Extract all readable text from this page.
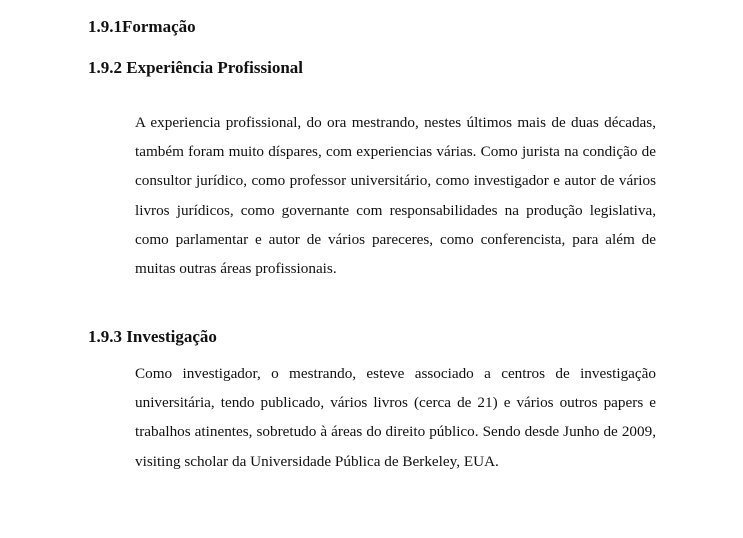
1.9.1Formação
1.9.2 Experiência Profissional

A experiencia profissional, do ora mestrando, nestes últimos mais de duas décadas, também foram muito díspares, com experiencias várias. Como jurista na condição de consultor jurídico, como professor universitário, como investigador e autor de vários livros jurídicos, como governante com responsabilidades na produção legislativa, como parlamentar e autor de vários pareceres, como conferencista, para além de muitas outras áreas profissionais.

1.9.3 Investigação

Como investigador, o mestrando, esteve associado a centros de investigação universitária, tendo publicado, vários livros (cerca de 21) e vários outros papers e trabalhos atinentes, sobretudo à áreas do direito público. Sendo desde Junho de 2009, visiting scholar da Universidade Pública de Berkeley, EUA.
